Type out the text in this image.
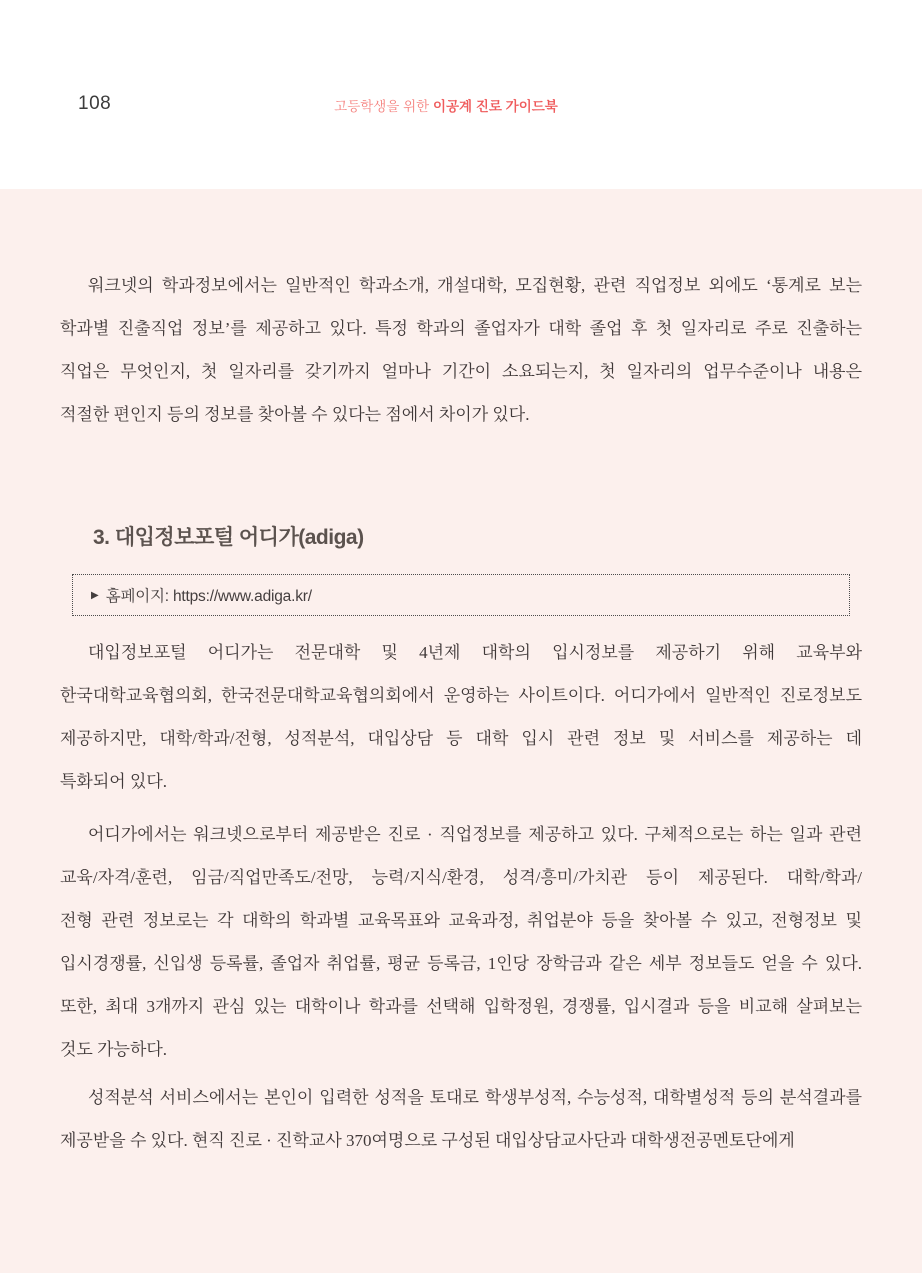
108	고등학생을 위한 이공계 진로 가이드북
워크넷의 학과정보에서는 일반적인 학과소개, 개설대학, 모집현황, 관련 직업정보 외에도 ‘통계로 보는
학과별 진출직업 정보’를 제공하고 있다. 특정 학과의 졸업자가 대학 졸업 후 첫 일자리로 주로 진출하는
직업은 무엇인지, 첫 일자리를 갖기까지 얼마나 기간이 소요되는지, 첫 일자리의 업무수준이나 내용은
적절한 편인지 등의 정보를 찾아볼 수 있다는 점에서 차이가 있다.
3. 대입정보포털 어디가(adiga)
▶ 홈페이지: https://www.adiga.kr/
대입정보포털 어디가는 전문대학 및 4년제 대학의 입시정보를 제공하기 위해 교육부와
한국대학교육협의회, 한국전문대학교육협의회에서 운영하는 사이트이다. 어디가에서 일반적인 진로정보도
제공하지만, 대학/학과/전형, 성적분석, 대입상담 등 대학 입시 관련 정보 및 서비스를 제공하는 데
특화되어 있다.
어디가에서는 워크넷으로부터 제공받은 진로 · 직업정보를 제공하고 있다. 구체적으로는 하는 일과 관련
교육/자격/훈련, 임금/직업만족도/전망, 능력/지식/환경, 성격/흥미/가치관 등이 제공된다. 대학/학과/
전형 관련 정보로는 각 대학의 학과별 교육목표와 교육과정, 취업분야 등을 찾아볼 수 있고, 전형정보 및
입시경쟁률, 신입생 등록률, 졸업자 취업률, 평균 등록금, 1인당 장학금과 같은 세부 정보들도 얻을 수 있다.
또한, 최대 3개까지 관심 있는 대학이나 학과를 선택해 입학정원, 경쟁률, 입시결과 등을 비교해 살펴보는
것도 가능하다.
성적분석 서비스에서는 본인이 입력한 성적을 토대로 학생부성적, 수능성적, 대학별성적 등의 분석결과를
제공받을 수 있다. 현직 진로 · 진학교사 370여명으로 구성된 대입상담교사단과 대학생전공멘토단에게
